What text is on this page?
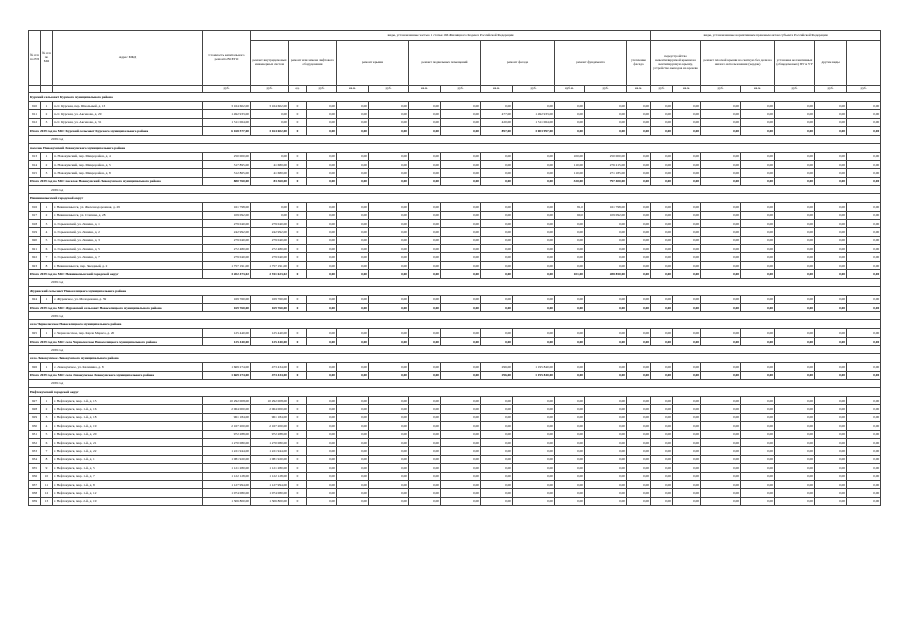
№ п/п по ЕП	№ п/п по МО	Адрес МКД	Стоимость капитального ремонта ВСЕГО	виды, установленные частью 1 статьи 166 Жилищного Кодекса Российской Федерации												виды, установленные нормативным правовым актом субъекта Российской Федерации						
				ремонт внутридомовых инженерных систем	ремонт или замена лифтового оборудования		ремонт крыши		ремонт подвальных помещений		ремонт фасада		ремонт фундамента		утепление фасада	переустройство невентилируемой крыши на вентилируемую крышу, устройство выходов на кровлю		ремонт плоской крыши на скатную без дали на жилого использования (чердак)		установка коллективных (общедомовых) ПУ и УУ	другие виды	
			руб.	руб.	ед.	руб.	кв.м.	руб.	кв.м.	руб.	кв.м.	руб.	куб.м.	руб.	кв.м.	руб.	кв.м.	руб.	кв.м.	руб.	руб.	руб.
Курский сельсовет Курского муниципального района																						
910	1	п.ст. Курская, пер. Школьный, д. 13	3 164 602,00	3 164 602,00	0	0,00	0,00	0,00	0,00	0,00	0,00	0,00	0,00	0,00	0,00	0,00	0,00	0,00	0,00	0,00	0,00	0,00
911	2	п.ст. Курская, ул. Аксенова, д. 29	1 492 933,00	0,00	0	0,00	0,00	0,00	0,00	0,00	477,00	1 492 933,00	0,00	0,00	0,00	0,00	0,00	0,00	0,00	0,00	0,00	0,00
912	3	п.ст. Курская, ул. Аксенова, д. 31	1 511 064,00	0,00	0	0,00	0,00	0,00	0,00	0,00	420,00	1 511 064,00	0,00	0,00	0,00	0,00	0,00	0,00	0,00	0,00	0,00	0,00
Итого 2039 год по МО: Курский сельсовет Курского муниципального района			6 168 577,00	3 164 602,00	0	0,00	0,00	0,00	0,00	0,00	897,00	3 003 997,00	0,00	0,00	0,00	0,00	0,00	0,00	0,00	0,00	0,00	0,00
2039 год																						
поселок Новокумский Левокумского муниципального района																						
913	1	п. Новокумский, пер. Микрорайон, д. 4	250 000,00	0,00	0	0,00	0,00	0,00	0,00	0,00	0,00	0,00	100,00	250 000,00	0,00	0,00	0,00	0,00	0,00	0,00	0,00	0,00
914	2	п. Новокумский, пер. Микрорайон, д. 5	317 895,00	41 680,00	0	0,00	0,00	0,00	0,00	0,00	0,00	0,00	110,00	276 215,00	0,00	0,00	0,00	0,00	0,00	0,00	0,00	0,00
915	3	п. Новокумский, пер. Микрорайон, д. 8	312 865,00	41 680,00	0	0,00	0,00	0,00	0,00	0,00	0,00	0,00	110,00	271 185,00	0,00	0,00	0,00	0,00	0,00	0,00	0,00	0,00
Итого 2039 год по МО: поселок Новокумский Левокумского муниципального района			880 760,00	83 360,00	0	0,00	0,00	0,00	0,00	0,00	0,00	0,00	320,00	797 400,00	0,00	0,00	0,00	0,00	0,00	0,00	0,00	0,00
2039 год																						
Невинномысский городской округ																						
916	1	г. Невинномысск, ул. Железнодорожная, д. 29	161 798,00	0,00	0	0,00	0,00	0,00	0,00	0,00	0,00	0,00	81,0	161 798,00	0,00	0,00	0,00	0,00	0,00	0,00	0,00	0,00
917	2	г. Невинномысск, ул. Степная, д. 28	109 092,00	0,00	0	0,00	0,00	0,00	0,00	0,00	0,00	0,00	60,0	109 092,00	0,00	0,00	0,00	0,00	0,00	0,00	0,00	0,00
918	3	п. Горьковский, ул. Ленина, д. 1	279 040,00	279 040,00	0	0,00	0,00	0,00	0,00	0,00	0,00	0,00	0,00	0,00	0,00	0,00	0,00	0,00	0,00	0,00	0,00	0,00
919	4	п. Горьковский, ул. Ленина, д. 2	242 992,00	242 992,00	0	0,00	0,00	0,00	0,00	0,00	0,00	0,00	0,00	0,00	0,00	0,00	0,00	0,00	0,00	0,00	0,00	0,00
920	5	п. Горьковский, ул. Ленина, д. 3	279 040,00	279 040,00	0	0,00	0,00	0,00	0,00	0,00	0,00	0,00	0,00	0,00	0,00	0,00	0,00	0,00	0,00	0,00	0,00	0,00
921	6	п. Горьковский, ул. Ленина, д. 5	272 480,00	272 480,00	0	0,00	0,00	0,00	0,00	0,00	0,00	0,00	0,00	0,00	0,00	0,00	0,00	0,00	0,00	0,00	0,00	0,00
922	7	п. Горьковский, ул. Ленина, д. 7	279 040,00	279 040,00	0	0,00	0,00	0,00	0,00	0,00	0,00	0,00	0,00	0,00	0,00	0,00	0,00	0,00	0,00	0,00	0,00	0,00
923	8	г. Невинномысск, пер. Звездный, д. 2	1 757 191,00	1 757 191,00	0	0,00	0,00	0,00	0,00	0,00	0,00	0,00	0,00	0,00	0,00	0,00	0,00	0,00	0,00	0,00	0,00	0,00
Итого 2039 год по МО: Невинномысский городской округ			3 202 473,02	2 911 623,02	0	0,00	0,00	0,00	0,00	0,00	0,00	0,00	101,00	288 850,00	0,00	0,00	0,00	0,00	0,00	0,00	0,00	0,00
2039 год																						
Журавский сельсовет Новоселицкого муниципального района																						
924	1	с. Журавское, ул. Молодежная, д. 59	169 760,00	169 760,00	0	0,00	0,00	0,00	0,00	0,00	0,00	0,00	0,00	0,00	0,00	0,00	0,00	0,00	0,00	0,00	0,00	0,00
Итого 2039 год по МО: Журавский сельсовет Новоселицкого муниципального района			169 760,00	169 760,00	0	0,00	0,00	0,00	0,00	0,00	0,00	0,00	0,00	0,00	0,00	0,00	0,00	0,00	0,00	0,00	0,00	0,00
2039 год																						
село Чернолесское Новоселицкого муниципального района																						
925	1	с. Чернолесское, пер. Карла Маркса, д. 20	125 440,00	125 440,00	0	0,00	0,00	0,00	0,00	0,00	0,00	0,00	0,00	0,00	0,00	0,00	0,00	0,00	0,00	0,00	0,00	0,00
Итого 2039 год по МО: село Чернолесское Новоселицкого муниципального района			125 440,00	125 440,00	0	0,00	0,00	0,00	0,00	0,00	0,00	0,00	0,00	0,00	0,00	0,00	0,00	0,00	0,00	0,00	0,00	0,00
2039 год																						
село Левокумское Левокумского муниципального района																						
926	1	с. Левокумское, ул. Калинина, д. 8	1 669 274,00	473 434,00	0	0,00	0,00	0,00	0,00	0,00	296,00	1 195 840,00	0,00	0,00	0,00	0,00	0,00	0,00	0,00	0,00	0,00	0,00
Итого 2039 год по МО: село Левокумское Левокумского муниципального района			1 669 274,00	473 434,00	0	0,00	0,00	0,00	0,00	0,00	296,00	1 195 840,00	0,00	0,00	0,00	0,00	0,00	0,00	0,00	0,00	0,00	0,00
2039 год																						
Нефтекумский городской округ																						
927	1	г. Нефтекумск, мкр. 1-й, д. 15	10 292 008,00	10 292 008,00	0	0,00	0,00	0,00	0,00	0,00	0,00	0,00	0,00	0,00	0,00	0,00	0,00	0,00	0,00	0,00	0,00	0,00
928	2	г. Нефтекумск, мкр. 1-й, д. 16	2 064 000,00	2 064 000,00	0	0,00	0,00	0,00	0,00	0,00	0,00	0,00	0,00	0,00	0,00	0,00	0,00	0,00	0,00	0,00	0,00	0,00
929	3	г. Нефтекумск, мкр. 1-й, д. 18	961 184,00	961 184,00	0	0,00	0,00	0,00	0,00	0,00	0,00	0,00	0,00	0,00	0,00	0,00	0,00	0,00	0,00	0,00	0,00	0,00
930	4	г. Нефтекумск, мкр. 1-й, д. 19	2 167 200,00	2 167 200,00	0	0,00	0,00	0,00	0,00	0,00	0,00	0,00	0,00	0,00	0,00	0,00	0,00	0,00	0,00	0,00	0,00	0,00
931	5	г. Нефтекумск, мкр. 1-й, д. 20	972 288,00	972 288,00	0	0,00	0,00	0,00	0,00	0,00	0,00	0,00	0,00	0,00	0,00	0,00	0,00	0,00	0,00	0,00	0,00	0,00
932	6	г. Нефтекумск, мкр. 1-й, д. 21	1 270 080,00	1 270 080,00	0	0,00	0,00	0,00	0,00	0,00	0,00	0,00	0,00	0,00	0,00	0,00	0,00	0,00	0,00	0,00	0,00	0,00
933	7	г. Нефтекумск, мкр. 1-й, д. 22	1 221 944,00	1 221 944,00	0	0,00	0,00	0,00	0,00	0,00	0,00	0,00	0,00	0,00	0,00	0,00	0,00	0,00	0,00	0,00	0,00	0,00
934	8	г. Нефтекумск, мкр. 1-й, д. 1	1 081 920,00	1 081 920,00	0	0,00	0,00	0,00	0,00	0,00	0,00	0,00	0,00	0,00	0,00	0,00	0,00	0,00	0,00	0,00	0,00	0,00
935	9	г. Нефтекумск, мкр. 1-й, д. 5	1 121 280,00	1 121 280,00	0	0,00	0,00	0,00	0,00	0,00	0,00	0,00	0,00	0,00	0,00	0,00	0,00	0,00	0,00	0,00	0,00	0,00
936	10	г. Нефтекумск, мкр. 1-й, д. 7	1 122 128,00	1 122 128,00	0	0,00	0,00	0,00	0,00	0,00	0,00	0,00	0,00	0,00	0,00	0,00	0,00	0,00	0,00	0,00	0,00	0,00
937	11	г. Нефтекумск, мкр. 1-й, д. 8	1 127 994,00	1 127 994,00	0	0,00	0,00	0,00	0,00	0,00	0,00	0,00	0,00	0,00	0,00	0,00	0,00	0,00	0,00	0,00	0,00	0,00
938	12	г. Нефтекумск, мкр. 1-й, д. 12	1 074 080,00	1 074 080,00	0	0,00	0,00	0,00	0,00	0,00	0,00	0,00	0,00	0,00	0,00	0,00	0,00	0,00	0,00	0,00	0,00	0,00
939	13	г. Нефтекумск, мкр. 2-й, д. 19	1 306 800,00	1 306 800,00	0	0,00	0,00	0,00	0,00	0,00	0,00	0,00	0,00	0,00	0,00	0,00	0,00	0,00	0,00	0,00	0,00	0,00
